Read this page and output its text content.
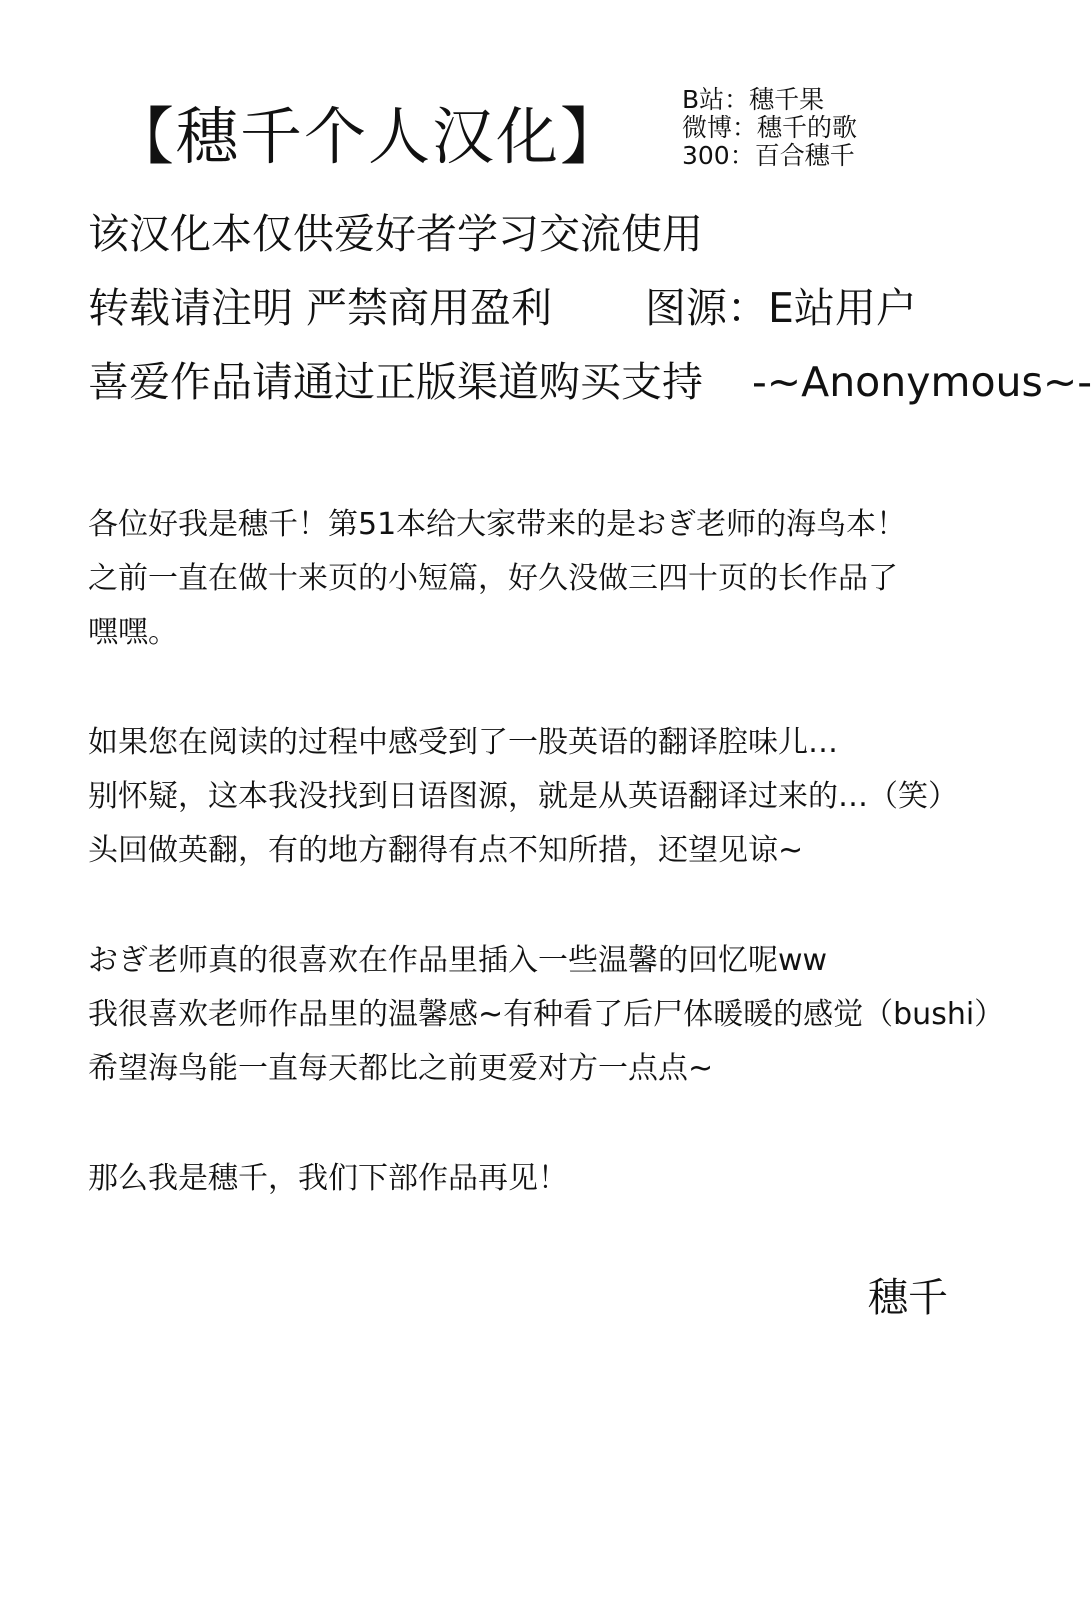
【穗千个人汉化】
B站：穗千果
微博：穗千的歌
300：百合穗千
该汉化本仅供爱好者学习交流使用
转载请注明 严禁商用盈利 图源：E站用户
喜爱作品请通过正版渠道购买支持 -~Anonymous~-
各位好我是穗千！第51本给大家带来的是おぎ老师的海鸟本！
之前一直在做十来页的小短篇，好久没做三四十页的长作品了
嘿嘿。
如果您在阅读的过程中感受到了一股英语的翻译腔味儿…
别怀疑，这本我没找到日语图源，就是从英语翻译过来的…（笑）
头回做英翻，有的地方翻得有点不知所措，还望见谅~
おぎ老师真的很喜欢在作品里插入一些温馨的回忆呢ww
我很喜欢老师作品里的温馨感~有种看了后尸体暖暖的感觉（bushi）
希望海鸟能一直每天都比之前更爱对方一点点~
那么我是穗千，我们下部作品再见！
穗千
